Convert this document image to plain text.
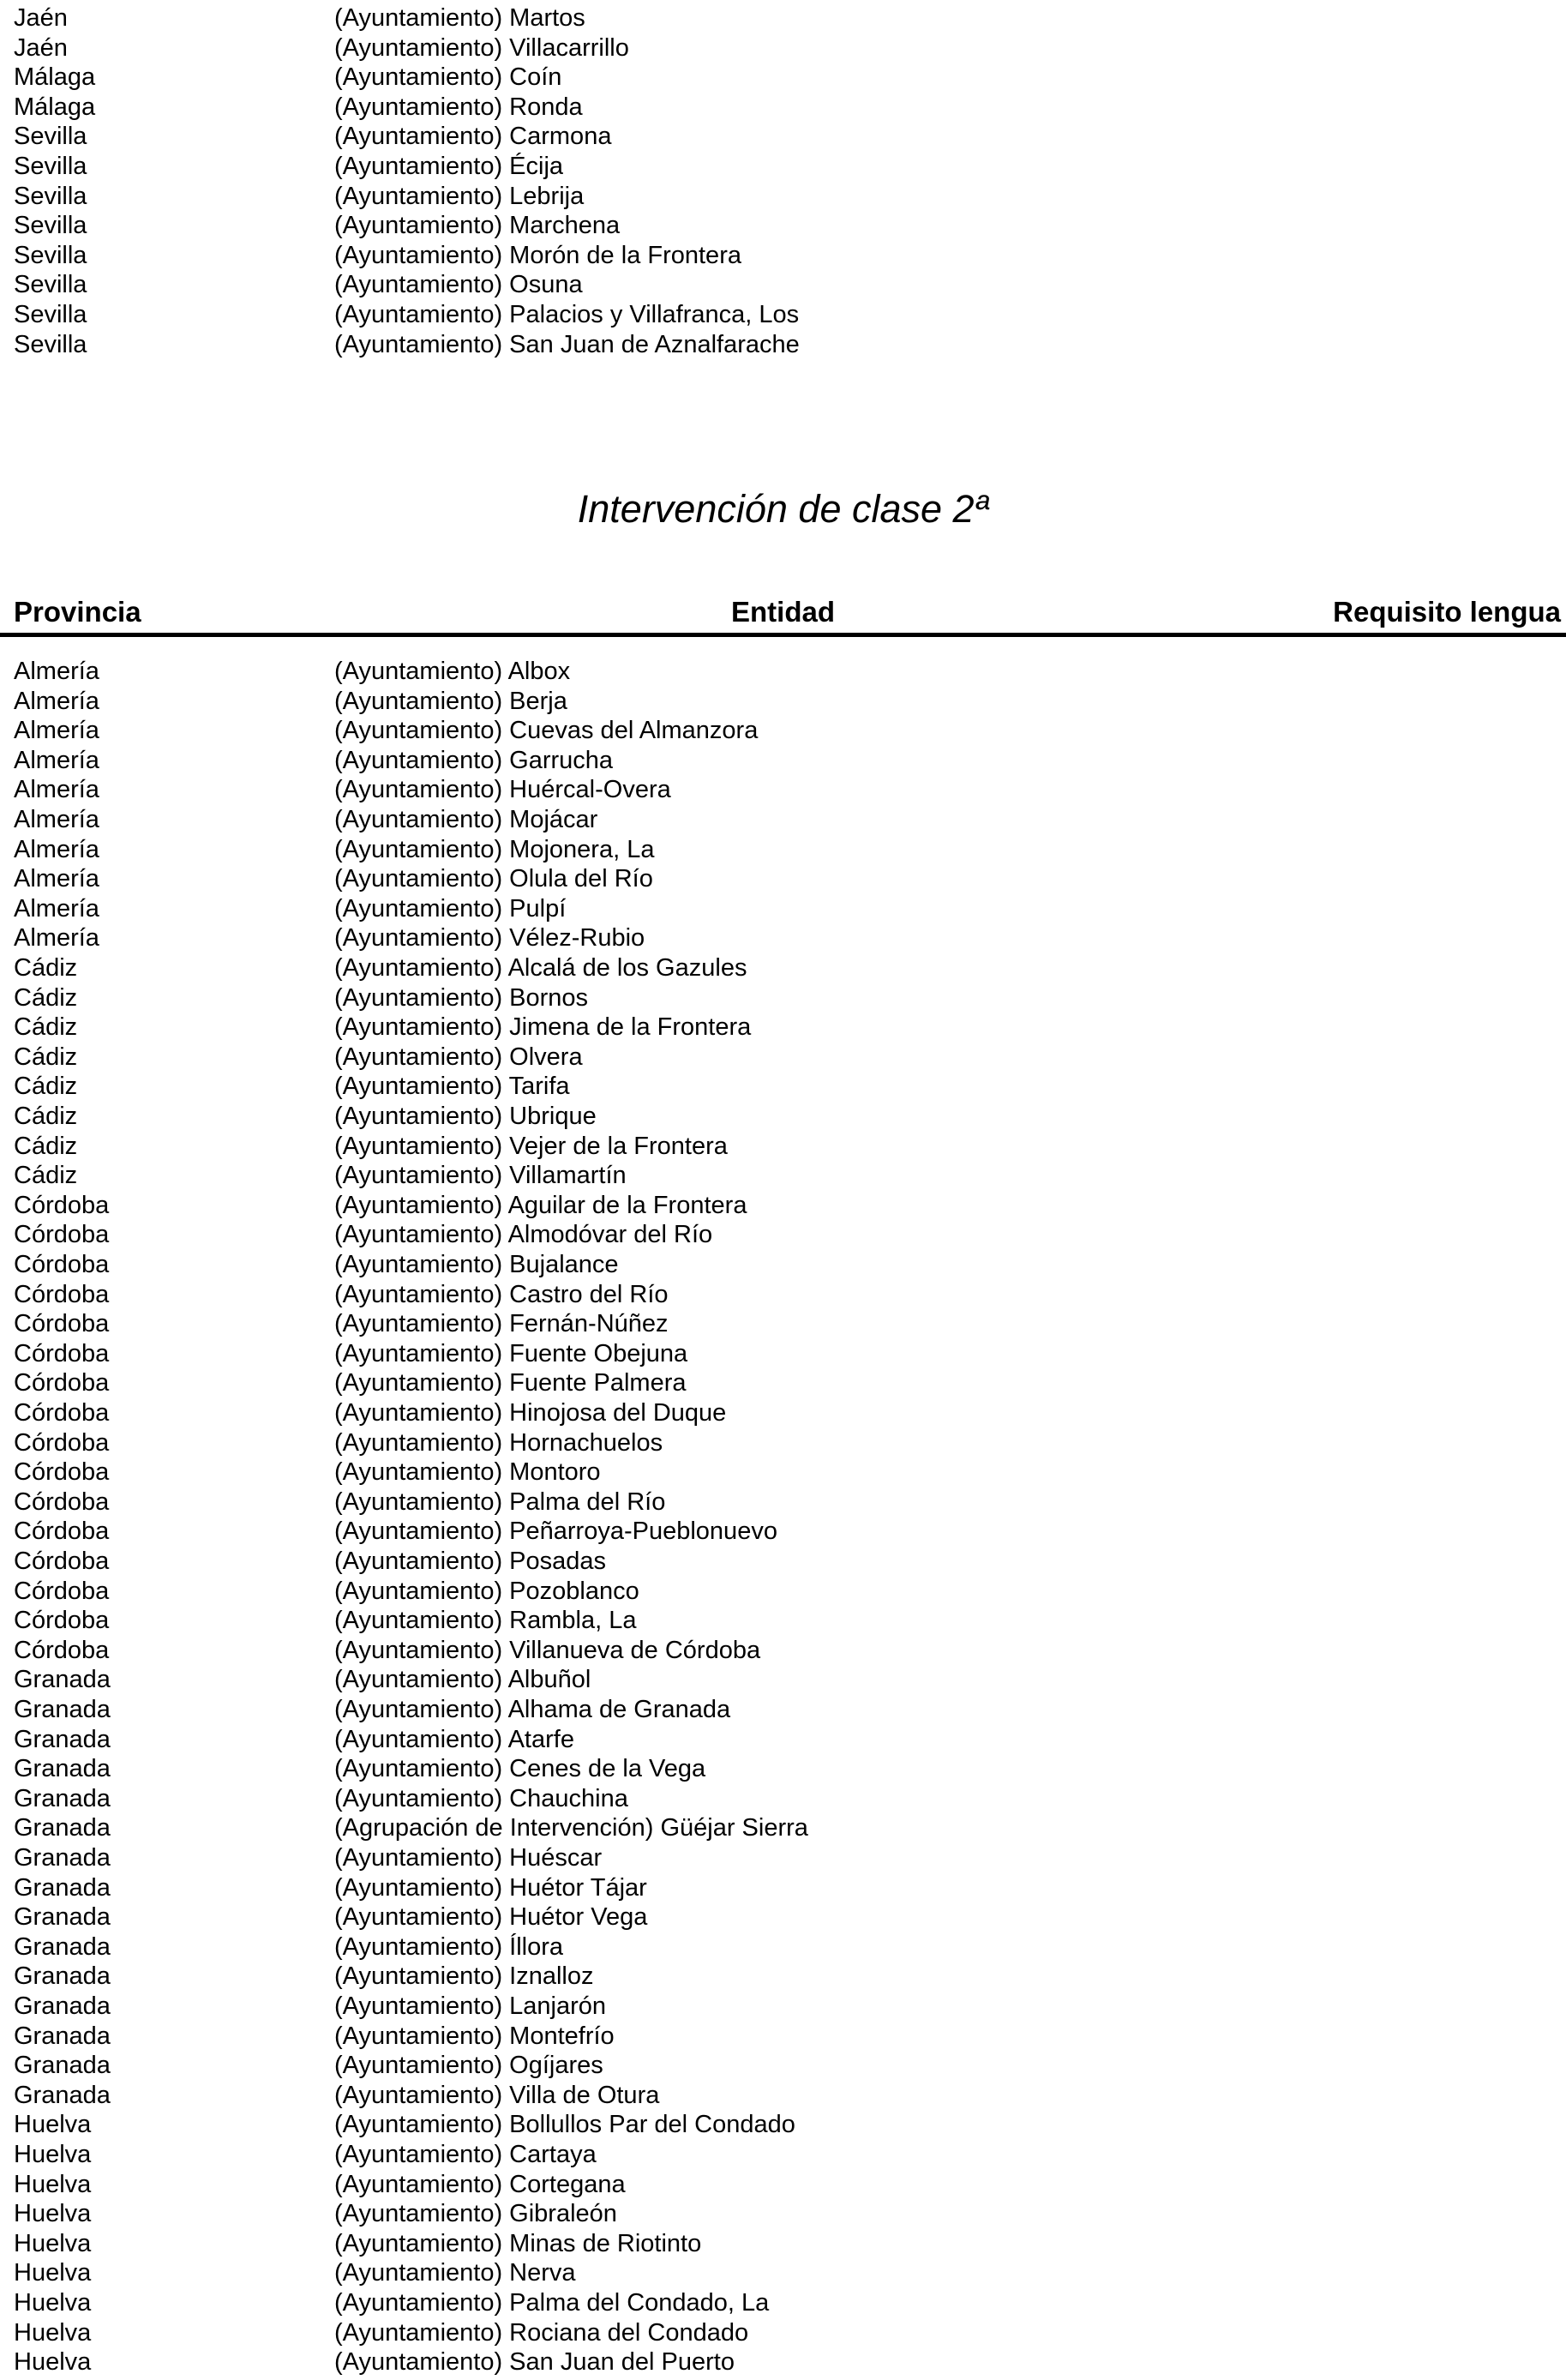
Jaén	(Ayuntamiento) Martos
Jaén	(Ayuntamiento) Villacarrillo
Málaga	(Ayuntamiento) Coín
Málaga	(Ayuntamiento) Ronda
Sevilla	(Ayuntamiento) Carmona
Sevilla	(Ayuntamiento) Écija
Sevilla	(Ayuntamiento) Lebrija
Sevilla	(Ayuntamiento) Marchena
Sevilla	(Ayuntamiento) Morón de la Frontera
Sevilla	(Ayuntamiento) Osuna
Sevilla	(Ayuntamiento) Palacios y Villafranca, Los
Sevilla	(Ayuntamiento) San Juan de Aznalfarache
Intervención de clase 2ª
Provincia	Entidad	Requisito lengua
Almería	(Ayuntamiento) Albox
Almería	(Ayuntamiento) Berja
Almería	(Ayuntamiento) Cuevas del Almanzora
Almería	(Ayuntamiento) Garrucha
Almería	(Ayuntamiento) Huércal-Overa
Almería	(Ayuntamiento) Mojácar
Almería	(Ayuntamiento) Mojonera, La
Almería	(Ayuntamiento) Olula del Río
Almería	(Ayuntamiento) Pulpí
Almería	(Ayuntamiento) Vélez-Rubio
Cádiz	(Ayuntamiento) Alcalá de los Gazules
Cádiz	(Ayuntamiento) Bornos
Cádiz	(Ayuntamiento) Jimena de la Frontera
Cádiz	(Ayuntamiento) Olvera
Cádiz	(Ayuntamiento) Tarifa
Cádiz	(Ayuntamiento) Ubrique
Cádiz	(Ayuntamiento) Vejer de la Frontera
Cádiz	(Ayuntamiento) Villamartín
Córdoba	(Ayuntamiento) Aguilar de la Frontera
Córdoba	(Ayuntamiento) Almodóvar del Río
Córdoba	(Ayuntamiento) Bujalance
Córdoba	(Ayuntamiento) Castro del Río
Córdoba	(Ayuntamiento) Fernán-Núñez
Córdoba	(Ayuntamiento) Fuente Obejuna
Córdoba	(Ayuntamiento) Fuente Palmera
Córdoba	(Ayuntamiento) Hinojosa del Duque
Córdoba	(Ayuntamiento) Hornachuelos
Córdoba	(Ayuntamiento) Montoro
Córdoba	(Ayuntamiento) Palma del Río
Córdoba	(Ayuntamiento) Peñarroya-Pueblonuevo
Córdoba	(Ayuntamiento) Posadas
Córdoba	(Ayuntamiento) Pozoblanco
Córdoba	(Ayuntamiento) Rambla, La
Córdoba	(Ayuntamiento) Villanueva de Córdoba
Granada	(Ayuntamiento) Albuñol
Granada	(Ayuntamiento) Alhama de Granada
Granada	(Ayuntamiento) Atarfe
Granada	(Ayuntamiento) Cenes de la Vega
Granada	(Ayuntamiento) Chauchina
Granada	(Agrupación de Intervención) Güéjar Sierra
Granada	(Ayuntamiento) Huéscar
Granada	(Ayuntamiento) Huétor Tájar
Granada	(Ayuntamiento) Huétor Vega
Granada	(Ayuntamiento) Íllora
Granada	(Ayuntamiento) Iznalloz
Granada	(Ayuntamiento) Lanjarón
Granada	(Ayuntamiento) Montefrío
Granada	(Ayuntamiento) Ogíjares
Granada	(Ayuntamiento) Villa de Otura
Huelva	(Ayuntamiento) Bollullos Par del Condado
Huelva	(Ayuntamiento) Cartaya
Huelva	(Ayuntamiento) Cortegana
Huelva	(Ayuntamiento) Gibraleón
Huelva	(Ayuntamiento) Minas de Riotinto
Huelva	(Ayuntamiento) Nerva
Huelva	(Ayuntamiento) Palma del Condado, La
Huelva	(Ayuntamiento) Rociana del Condado
Huelva	(Ayuntamiento) San Juan del Puerto
